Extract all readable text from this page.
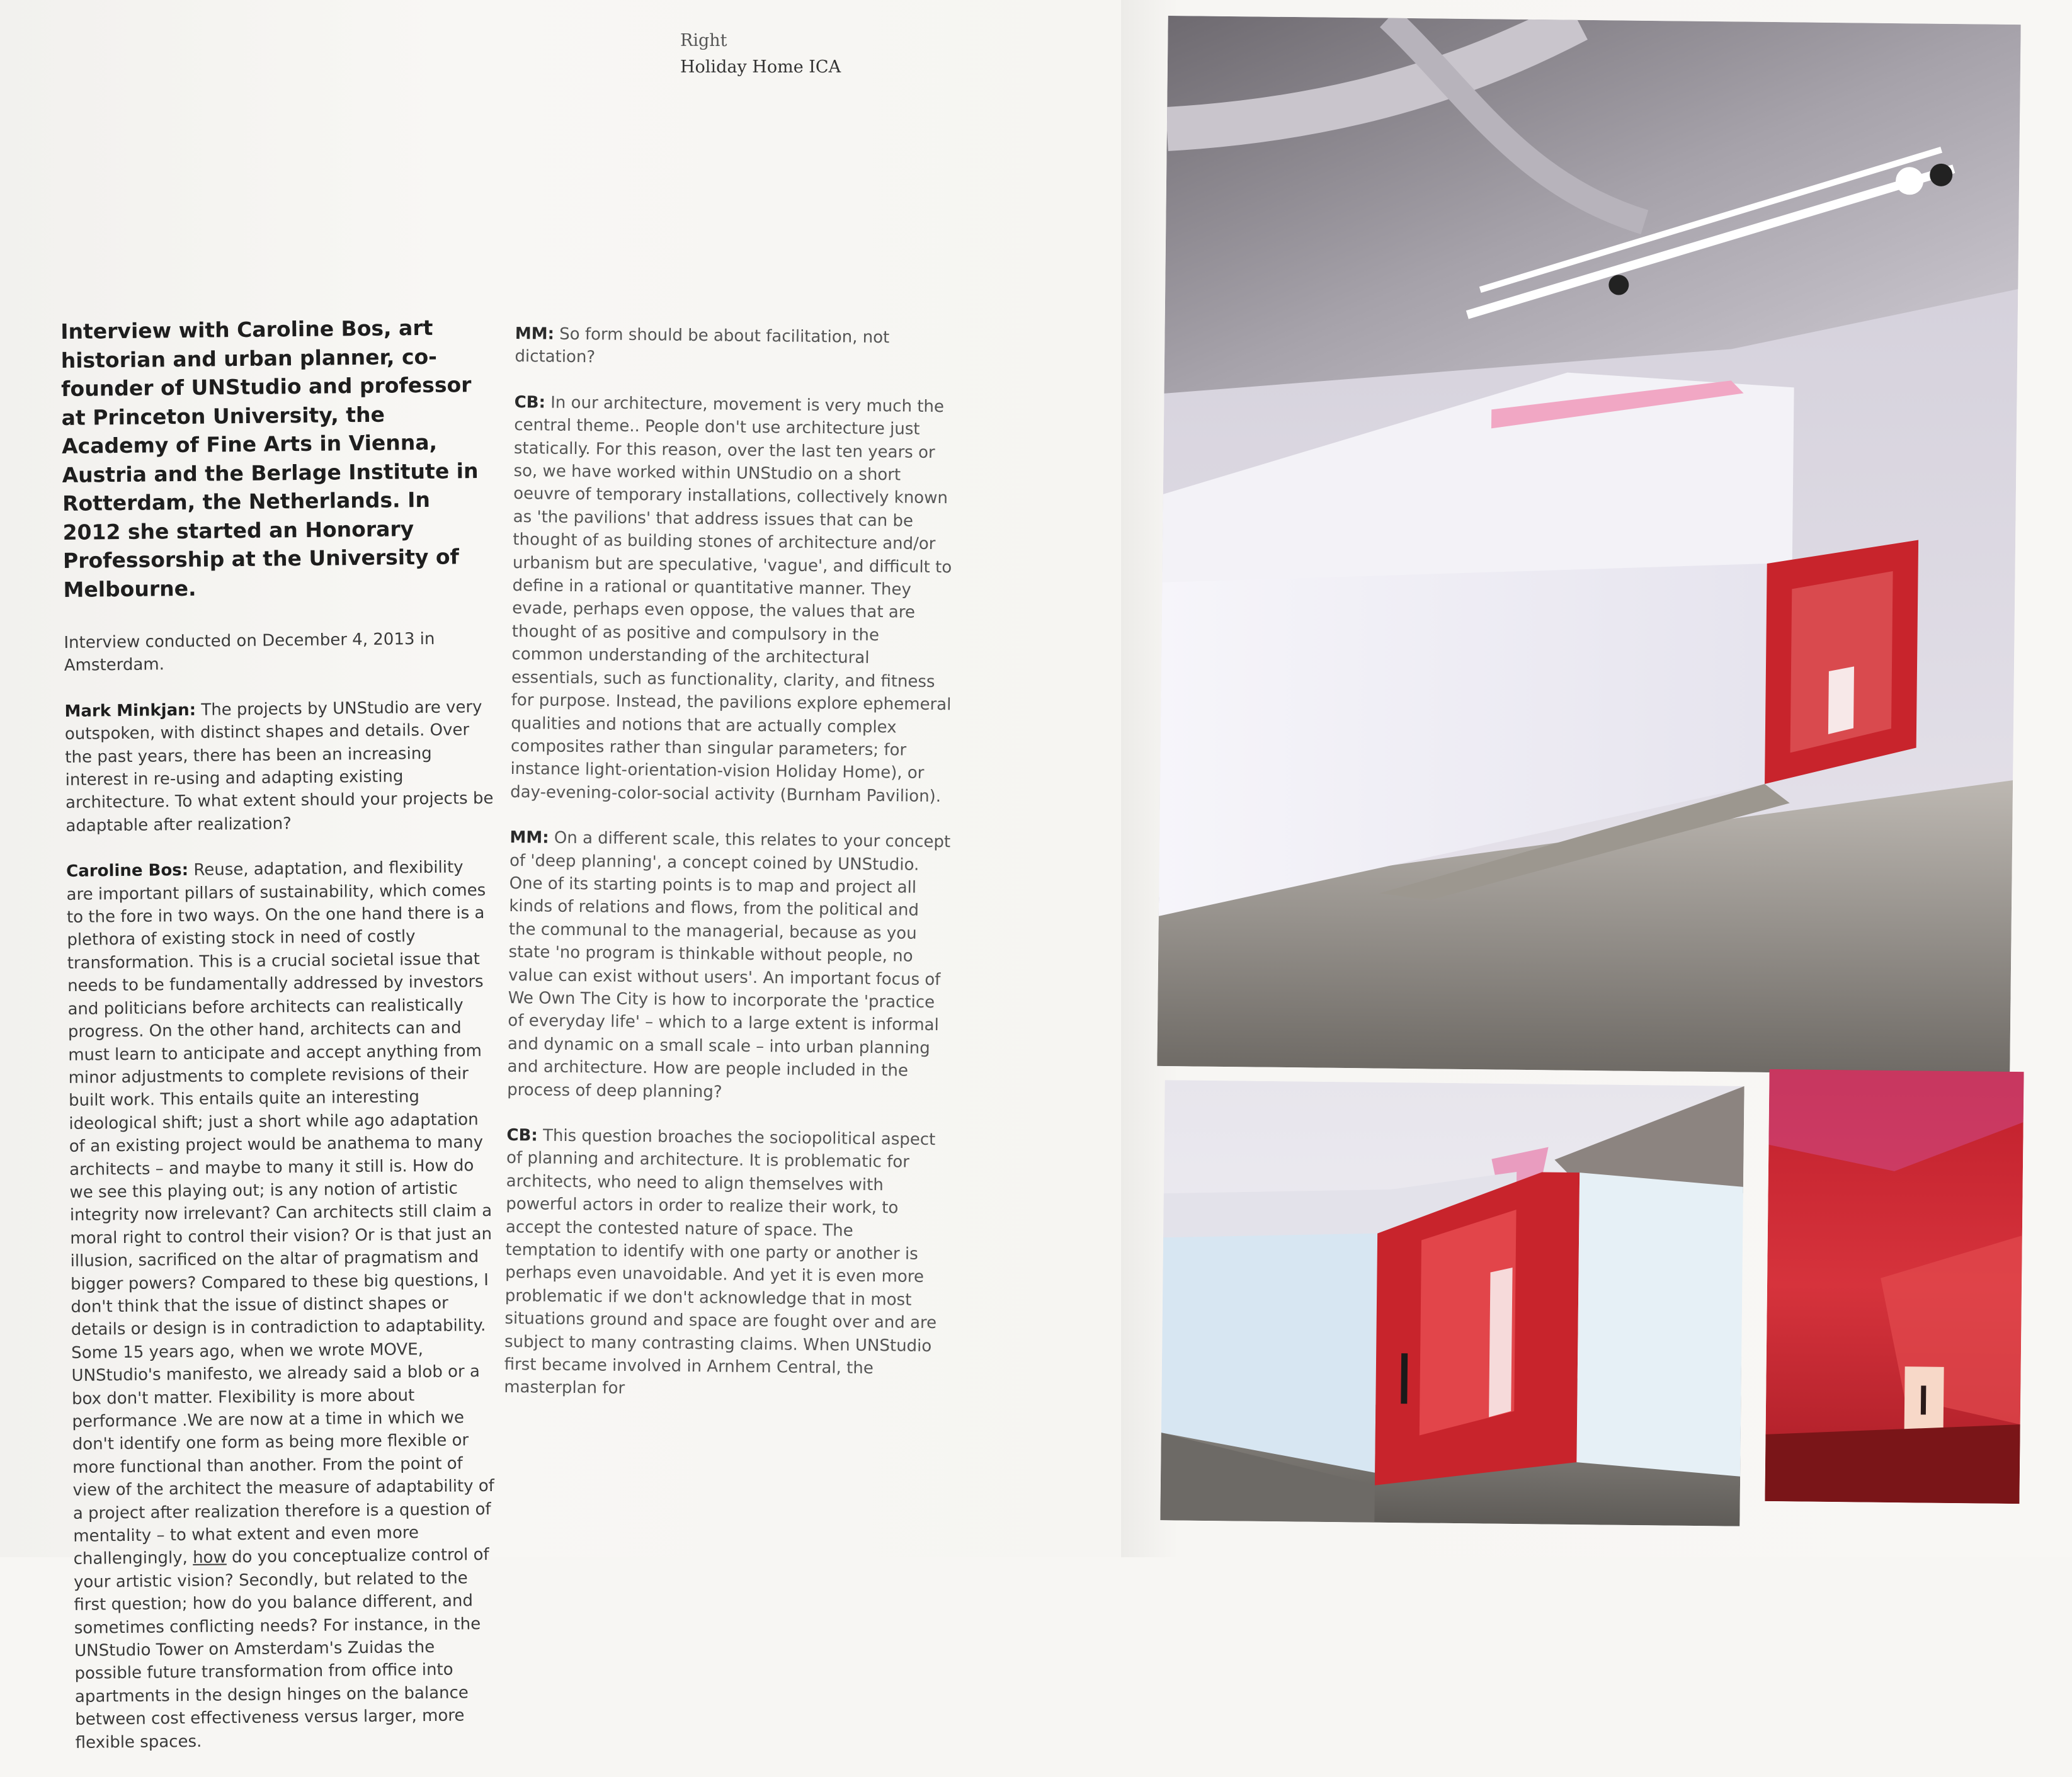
Right
Holiday Home ICA

Interview with Caroline Bos, art historian and urban planner, co-founder of UNStudio and professor at Princeton University, the Academy of Fine Arts in Vienna, Austria and the Berlage Institute in Rotterdam, the Netherlands. In 2012 she started an Honorary Professorship at the University of Melbourne.

Interview conducted on December 4, 2013 in Amsterdam.

Mark Minkjan: The projects by UNStudio are very outspoken, with distinct shapes and details. Over the past years, there has been an increasing interest in re-using and adapting existing architecture. To what extent should your projects be adaptable after realization?

Caroline Bos: Reuse, adaptation, and flexibility are important pillars of sustainability, which comes to the fore in two ways. On the one hand there is a plethora of existing stock in need of costly transformation. This is a crucial societal issue that needs to be fundamentally addressed by investors and politicians before architects can realistically progress. On the other hand, architects can and must learn to anticipate and accept anything from minor adjustments to complete revisions of their built work. This entails quite an interesting ideological shift; just a short while ago adaptation of an existing project would be anathema to many architects – and maybe to many it still is. How do we see this playing out; is any notion of artistic integrity now irrelevant? Can architects still claim a moral right to control their vision? Or is that just an illusion, sacrificed on the altar of pragmatism and bigger powers? Compared to these big questions, I don't think that the issue of distinct shapes or details or design is in contradiction to adaptability. Some 15 years ago, when we wrote MOVE, UNStudio's manifesto, we already said a blob or a box don't matter. Flexibility is more about performance .We are now at a time in which we don't identify one form as being more flexible or more functional than another. From the point of view of the architect the measure of adaptability of a project after realization therefore is a question of mentality – to what extent and even more challengingly, how do you conceptualize control of your artistic vision? Secondly, but related to the first question; how do you balance different, and sometimes conflicting needs? For instance, in the UNStudio Tower on Amsterdam's Zuidas the possible future transformation from office into apartments in the design hinges on the balance between cost effectiveness versus larger, more flexible spaces.

MM: So form should be about facilitation, not dictation?

CB: In our architecture, movement is very much the central theme.. People don't use architecture just statically. For this reason, over the last ten years or so, we have worked within UNStudio on a short oeuvre of temporary installations, collectively known as 'the pavilions' that address issues that can be thought of as building stones of architecture and/or urbanism but are speculative, 'vague', and difficult to define in a rational or quantitative manner. They evade, perhaps even oppose, the values that are thought of as positive and compulsory in the common understanding of the architectural essentials, such as functionality, clarity, and fitness for purpose. Instead, the pavilions explore ephemeral qualities and notions that are actually complex composites rather than singular parameters; for instance light-orientation-vision Holiday Home), or day-evening-color-social activity (Burnham Pavilion).

MM: On a different scale, this relates to your concept of 'deep planning', a concept coined by UNStudio. One of its starting points is to map and project all kinds of relations and flows, from the political and the communal to the managerial, because as you state 'no program is thinkable without people, no value can exist without users'. An important focus of We Own The City is how to incorporate the 'practice of everyday life' – which to a large extent is informal and dynamic on a small scale – into urban planning and architecture. How are people included in the process of deep planning?

CB: This question broaches the sociopolitical aspect of planning and architecture. It is problematic for architects, who need to align themselves with powerful actors in order to realize their work, to accept the contested nature of space. The temptation to identify with one party or another is perhaps even unavoidable. And yet it is even more problematic if we don't acknowledge that in most situations ground and space are fought over and are subject to many contrasting claims. When UNStudio first became involved in Arnhem Central, the masterplan for
